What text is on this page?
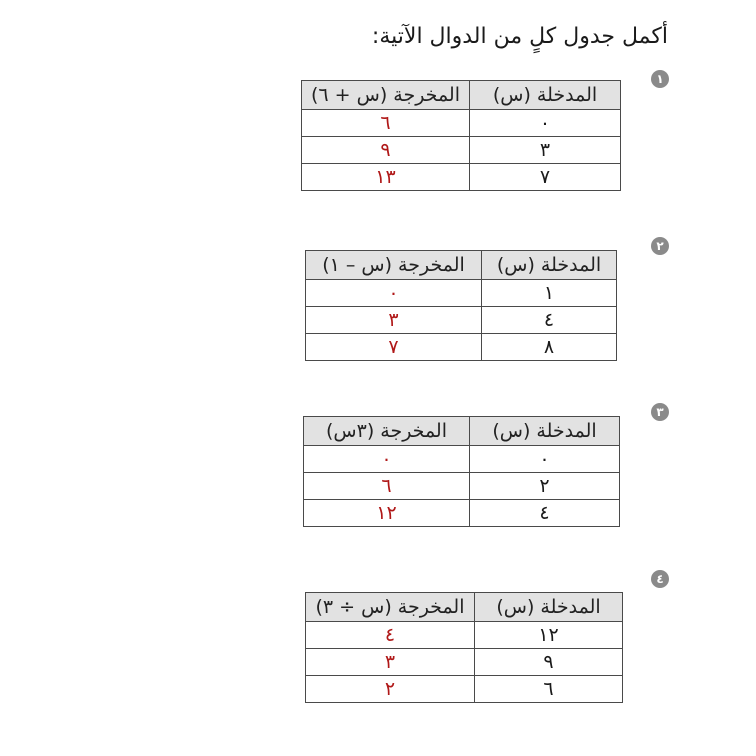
أكمل جدول كلٍ من الدوال الآتية:
١
المدخلة (س)	المخرجة (س + ٦)
٠	٦
٣	٩
٧	١٣
٢
المدخلة (س)	المخرجة (س – ١)
١	٠
٤	٣
٨	٧
٣
المدخلة (س)	المخرجة (٣س)
٠	٠
٢	٦
٤	١٢
٤
المدخلة (س)	المخرجة (س ÷ ٣)
١٢	٤
٩	٣
٦	٢
